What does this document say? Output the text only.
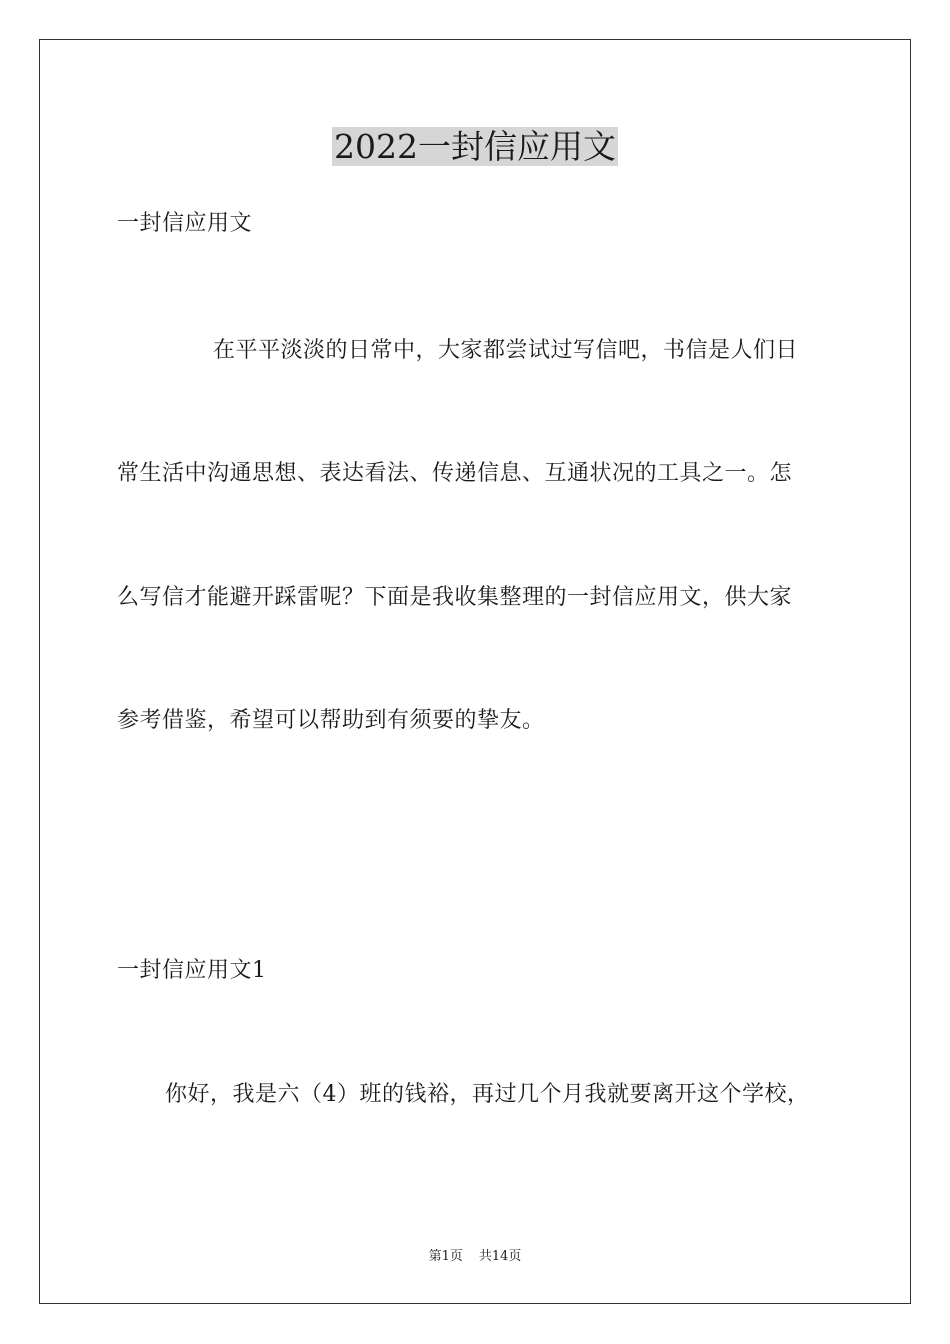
2022一封信应用文
一封信应用文
在平平淡淡的日常中，大家都尝试过写信吧，书信是人们日
常生活中沟通思想、表达看法、传递信息、互通状况的工具之一。怎
么写信才能避开踩雷呢？下面是我收集整理的一封信应用文，供大家
参考借鉴，希望可以帮助到有须要的挚友。
一封信应用文1
你好，我是六（4）班的钱裕，再过几个月我就要离开这个学校，
第1页 共14页
